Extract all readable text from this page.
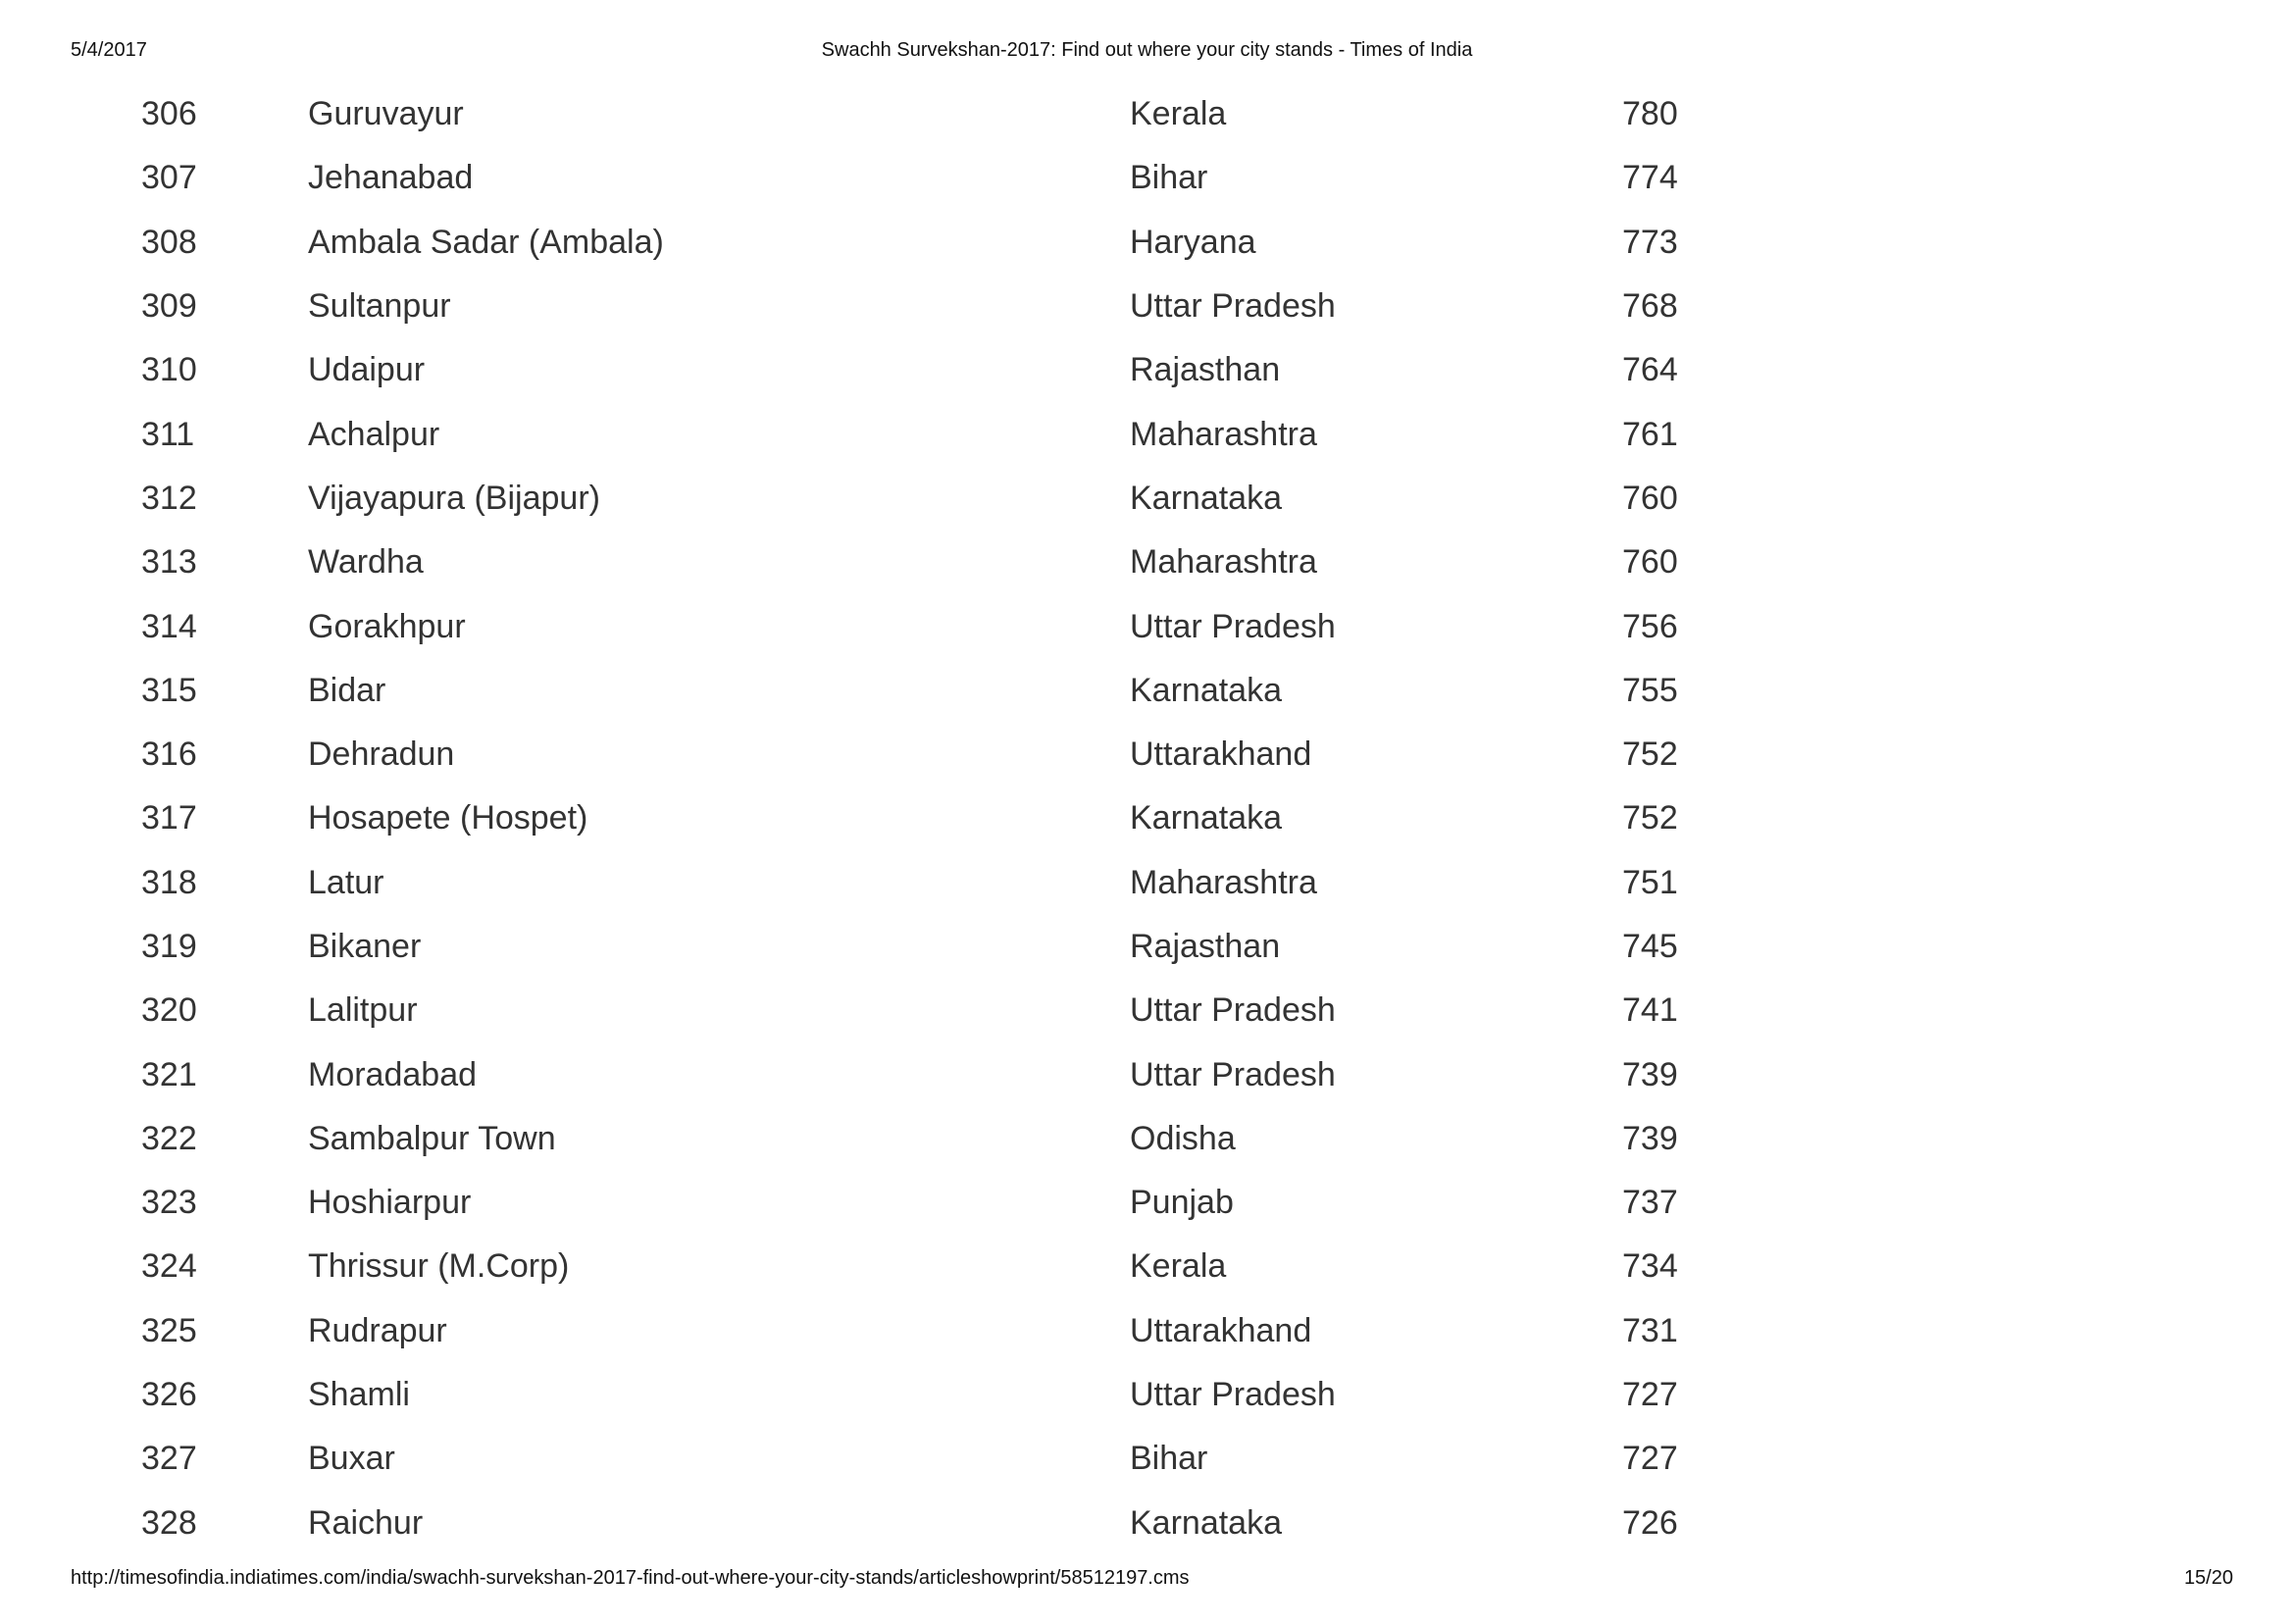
5/4/2017	Swachh Survekshan-2017: Find out where your city stands - Times of India
306	Guruvayur	Kerala	780
307	Jehanabad	Bihar	774
308	Ambala Sadar (Ambala)	Haryana	773
309	Sultanpur	Uttar Pradesh	768
310	Udaipur	Rajasthan	764
311	Achalpur	Maharashtra	761
312	Vijayapura (Bijapur)	Karnataka	760
313	Wardha	Maharashtra	760
314	Gorakhpur	Uttar Pradesh	756
315	Bidar	Karnataka	755
316	Dehradun	Uttarakhand	752
317	Hosapete (Hospet)	Karnataka	752
318	Latur	Maharashtra	751
319	Bikaner	Rajasthan	745
320	Lalitpur	Uttar Pradesh	741
321	Moradabad	Uttar Pradesh	739
322	Sambalpur Town	Odisha	739
323	Hoshiarpur	Punjab	737
324	Thrissur (M.Corp)	Kerala	734
325	Rudrapur	Uttarakhand	731
326	Shamli	Uttar Pradesh	727
327	Buxar	Bihar	727
328	Raichur	Karnataka	726
http://timesofindia.indiatimes.com/india/swachh-survekshan-2017-find-out-where-your-city-stands/articleshowprint/58512197.cms	15/20
